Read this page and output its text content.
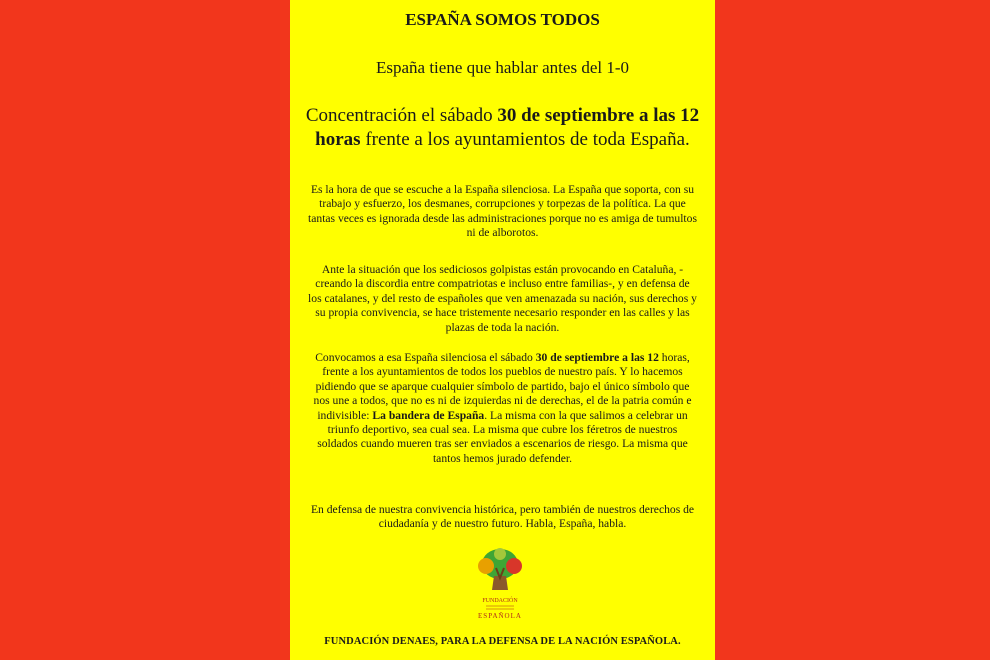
ESPAÑA SOMOS TODOS

España tiene que hablar antes del 1-0

Concentración el sábado 30 de septiembre a las 12 horas frente a los ayuntamientos de toda España.

Es la hora de que se escuche a la España silenciosa. La España que soporta, con su trabajo y esfuerzo, los desmanes, corrupciones y torpezas de la política. La que tantas veces es ignorada desde las administraciones porque no es amiga de tumultos ni de alborotos.

Ante la situación que los sediciosos golpistas están provocando en Cataluña, -creando la discordia entre compatriotas e incluso entre familias-, y en defensa de los catalanes, y del resto de españoles que ven amenazada su nación, sus derechos y su propia convivencia, se hace tristemente necesario responder en las calles y las plazas de toda la nación.

Convocamos a esa España silenciosa el sábado 30 de septiembre a las 12 horas, frente a los ayuntamientos de todos los pueblos de nuestro país. Y lo hacemos pidiendo que se aparque cualquier símbolo de partido, bajo el único símbolo que nos une a todos, que no es ni de izquierdas ni de derechas, el de la patria común e indivisible: La bandera de España. La misma con la que salimos a celebrar un triunfo deportivo, sea cual sea. La misma que cubre los féretros de nuestros soldados cuando mueren tras ser enviados a escenarios de riesgo. La misma que tantos hemos jurado defender.

En defensa de nuestra convivencia histórica, pero también de nuestros derechos de ciudadanía y de nuestro futuro. Habla, España, habla.

FUNDACIÓN
ESPAÑOLA

FUNDACIÓN DENAES, PARA LA DEFENSA DE LA NACIÓN ESPAÑOLA.
